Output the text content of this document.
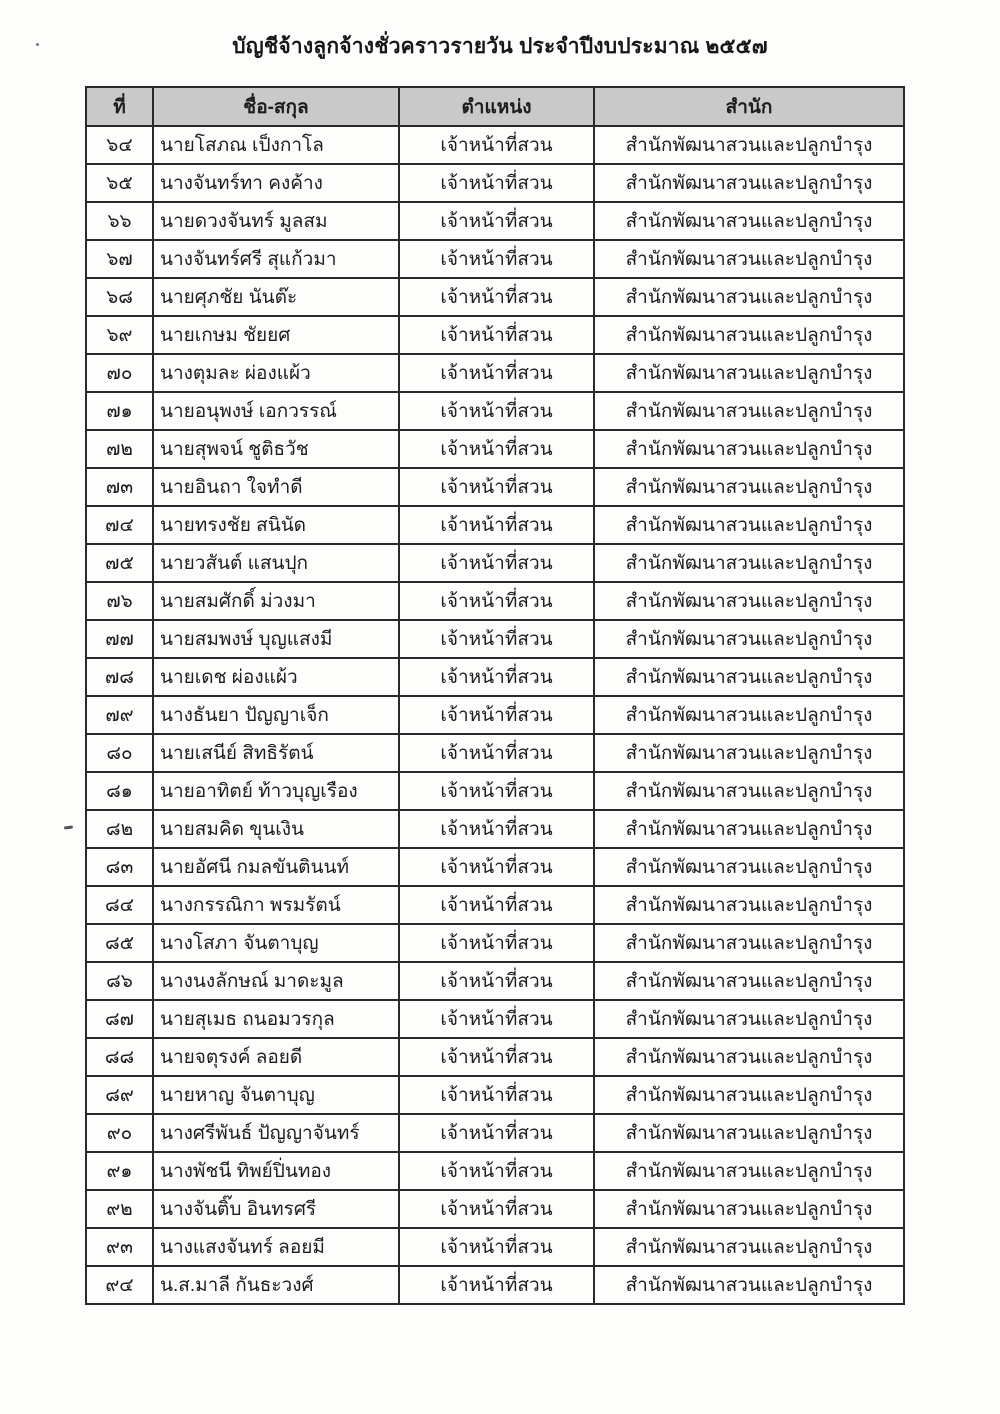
บัญชีจ้างลูกจ้างชั่วคราวรายวัน ประจำปีงบประมาณ ๒๕๕๗
ที่	ชื่อ-สกุล	ตำแหน่ง	สำนัก
๖๔	นายโสภณ เป็งกาโล	เจ้าหน้าที่สวน	สำนักพัฒนาสวนและปลูกบำรุง
๖๕	นางจันทร์ทา คงค้าง	เจ้าหน้าที่สวน	สำนักพัฒนาสวนและปลูกบำรุง
๖๖	นายดวงจันทร์ มูลสม	เจ้าหน้าที่สวน	สำนักพัฒนาสวนและปลูกบำรุง
๖๗	นางจันทร์ศรี สุแก้วมา	เจ้าหน้าที่สวน	สำนักพัฒนาสวนและปลูกบำรุง
๖๘	นายศุภชัย นันต๊ะ	เจ้าหน้าที่สวน	สำนักพัฒนาสวนและปลูกบำรุง
๖๙	นายเกษม ชัยยศ	เจ้าหน้าที่สวน	สำนักพัฒนาสวนและปลูกบำรุง
๗๐	นางตุมละ ผ่องแผ้ว	เจ้าหน้าที่สวน	สำนักพัฒนาสวนและปลูกบำรุง
๗๑	นายอนุพงษ์ เอกวรรณ์	เจ้าหน้าที่สวน	สำนักพัฒนาสวนและปลูกบำรุง
๗๒	นายสุพจน์ ชูติธวัช	เจ้าหน้าที่สวน	สำนักพัฒนาสวนและปลูกบำรุง
๗๓	นายอินถา ใจทำดี	เจ้าหน้าที่สวน	สำนักพัฒนาสวนและปลูกบำรุง
๗๔	นายทรงชัย สนินัด	เจ้าหน้าที่สวน	สำนักพัฒนาสวนและปลูกบำรุง
๗๕	นายวสันต์ แสนปุก	เจ้าหน้าที่สวน	สำนักพัฒนาสวนและปลูกบำรุง
๗๖	นายสมศักดิ์ ม่วงมา	เจ้าหน้าที่สวน	สำนักพัฒนาสวนและปลูกบำรุง
๗๗	นายสมพงษ์ บุญแสงมี	เจ้าหน้าที่สวน	สำนักพัฒนาสวนและปลูกบำรุง
๗๘	นายเดช ผ่องแผ้ว	เจ้าหน้าที่สวน	สำนักพัฒนาสวนและปลูกบำรุง
๗๙	นางธันยา ปัญญาเจ็ก	เจ้าหน้าที่สวน	สำนักพัฒนาสวนและปลูกบำรุง
๘๐	นายเสนีย์ สิทธิรัตน์	เจ้าหน้าที่สวน	สำนักพัฒนาสวนและปลูกบำรุง
๘๑	นายอาทิตย์ ท้าวบุญเรือง	เจ้าหน้าที่สวน	สำนักพัฒนาสวนและปลูกบำรุง
๘๒	นายสมคิด ขุนเงิน	เจ้าหน้าที่สวน	สำนักพัฒนาสวนและปลูกบำรุง
๘๓	นายอัศนี กมลขันตินนท์	เจ้าหน้าที่สวน	สำนักพัฒนาสวนและปลูกบำรุง
๘๔	นางกรรณิกา พรมรัตน์	เจ้าหน้าที่สวน	สำนักพัฒนาสวนและปลูกบำรุง
๘๕	นางโสภา จันตาบุญ	เจ้าหน้าที่สวน	สำนักพัฒนาสวนและปลูกบำรุง
๘๖	นางนงลักษณ์ มาดะมูล	เจ้าหน้าที่สวน	สำนักพัฒนาสวนและปลูกบำรุง
๘๗	นายสุเมธ ถนอมวรกุล	เจ้าหน้าที่สวน	สำนักพัฒนาสวนและปลูกบำรุง
๘๘	นายจตุรงค์ ลอยดี	เจ้าหน้าที่สวน	สำนักพัฒนาสวนและปลูกบำรุง
๘๙	นายหาญ จันตาบุญ	เจ้าหน้าที่สวน	สำนักพัฒนาสวนและปลูกบำรุง
๙๐	นางศรีพันธ์ ปัญญาจันทร์	เจ้าหน้าที่สวน	สำนักพัฒนาสวนและปลูกบำรุง
๙๑	นางพัชนี ทิพย์ปิ่นทอง	เจ้าหน้าที่สวน	สำนักพัฒนาสวนและปลูกบำรุง
๙๒	นางจันติ๊บ อินทรศรี	เจ้าหน้าที่สวน	สำนักพัฒนาสวนและปลูกบำรุง
๙๓	นางแสงจันทร์ ลอยมี	เจ้าหน้าที่สวน	สำนักพัฒนาสวนและปลูกบำรุง
๙๔	น.ส.มาลี กันธะวงศ์	เจ้าหน้าที่สวน	สำนักพัฒนาสวนและปลูกบำรุง
